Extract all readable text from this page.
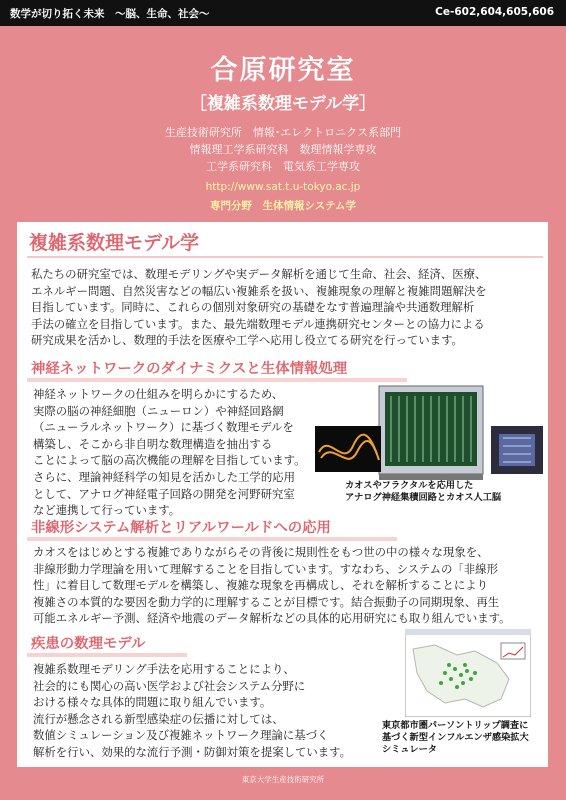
数学が切り拓く未来　〜脳、生命、社会〜	Ce-602,604,605,606
合原研究室
［複雑系数理モデル学］
生産技術研究所　情報･エレクトロニクス系部門
情報理工学系研究科　数理情報学専攻
工学系研究科　電気系工学専攻
http://www.sat.t.u-tokyo.ac.jp
専門分野　生体情報システム学
複雑系数理モデル学
私たちの研究室では、数理モデリングや実データ解析を通じて生命、社会、経済、医療、
エネルギー問題、自然災害などの幅広い複雑系を扱い、複雑現象の理解と複雑問題解決を
目指しています。同時に、これらの個別対象研究の基礎をなす普遍理論や共通数理解析
手法の確立を目指しています。また、最先端数理モデル連携研究センターとの協力による
研究成果を活かし、数理的手法を医療や工学へ応用し役立てる研究を行っています。
神経ネットワークのダイナミクスと生体情報処理
神経ネットワークの仕組みを明らかにするため、
実際の脳の神経細胞（ニューロン）や神経回路網
（ニューラルネットワーク）に基づく数理モデルを
構築し、そこから非自明な数理構造を抽出する
ことによって脳の高次機能の理解を目指しています。
さらに、理論神経科学の知見を活かした工学的応用
として、アナログ神経電子回路の開発を河野研究室
など連携して行っています。
カオスやフラクタルを応用した
アナログ神経集積回路とカオス人工脳
非線形システム解析とリアルワールドへの応用
カオスをはじめとする複雑でありながらその背後に規則性をもつ世の中の様々な現象を、
非線形動力学理論を用いて理解することを目指しています。すなわち、システムの「非線形
性」に着目して数理モデルを構築し、複雑な現象を再構成し、それを解析することにより
複雑さの本質的な要因を動力学的に理解することが目標です。結合振動子の同期現象、再生
可能エネルギー予測、経済や地震のデータ解析などの具体的応用研究にも取り組んでいます。
疾患の数理モデル
複雑系数理モデリング手法を応用することにより、
社会的にも関心の高い医学および社会システム分野に
おける様々な具体的問題に取り組んでいます。
流行が懸念される新型感染症の伝播に対しては、
数値シミュレーション及び複雑ネットワーク理論に基づく
解析を行い、効果的な流行予測・防御対策を提案しています。
東京都市圏パーソントリップ調査に
基づく新型インフルエンザ感染拡大
シミュレータ
東京大学生産技術研究所
